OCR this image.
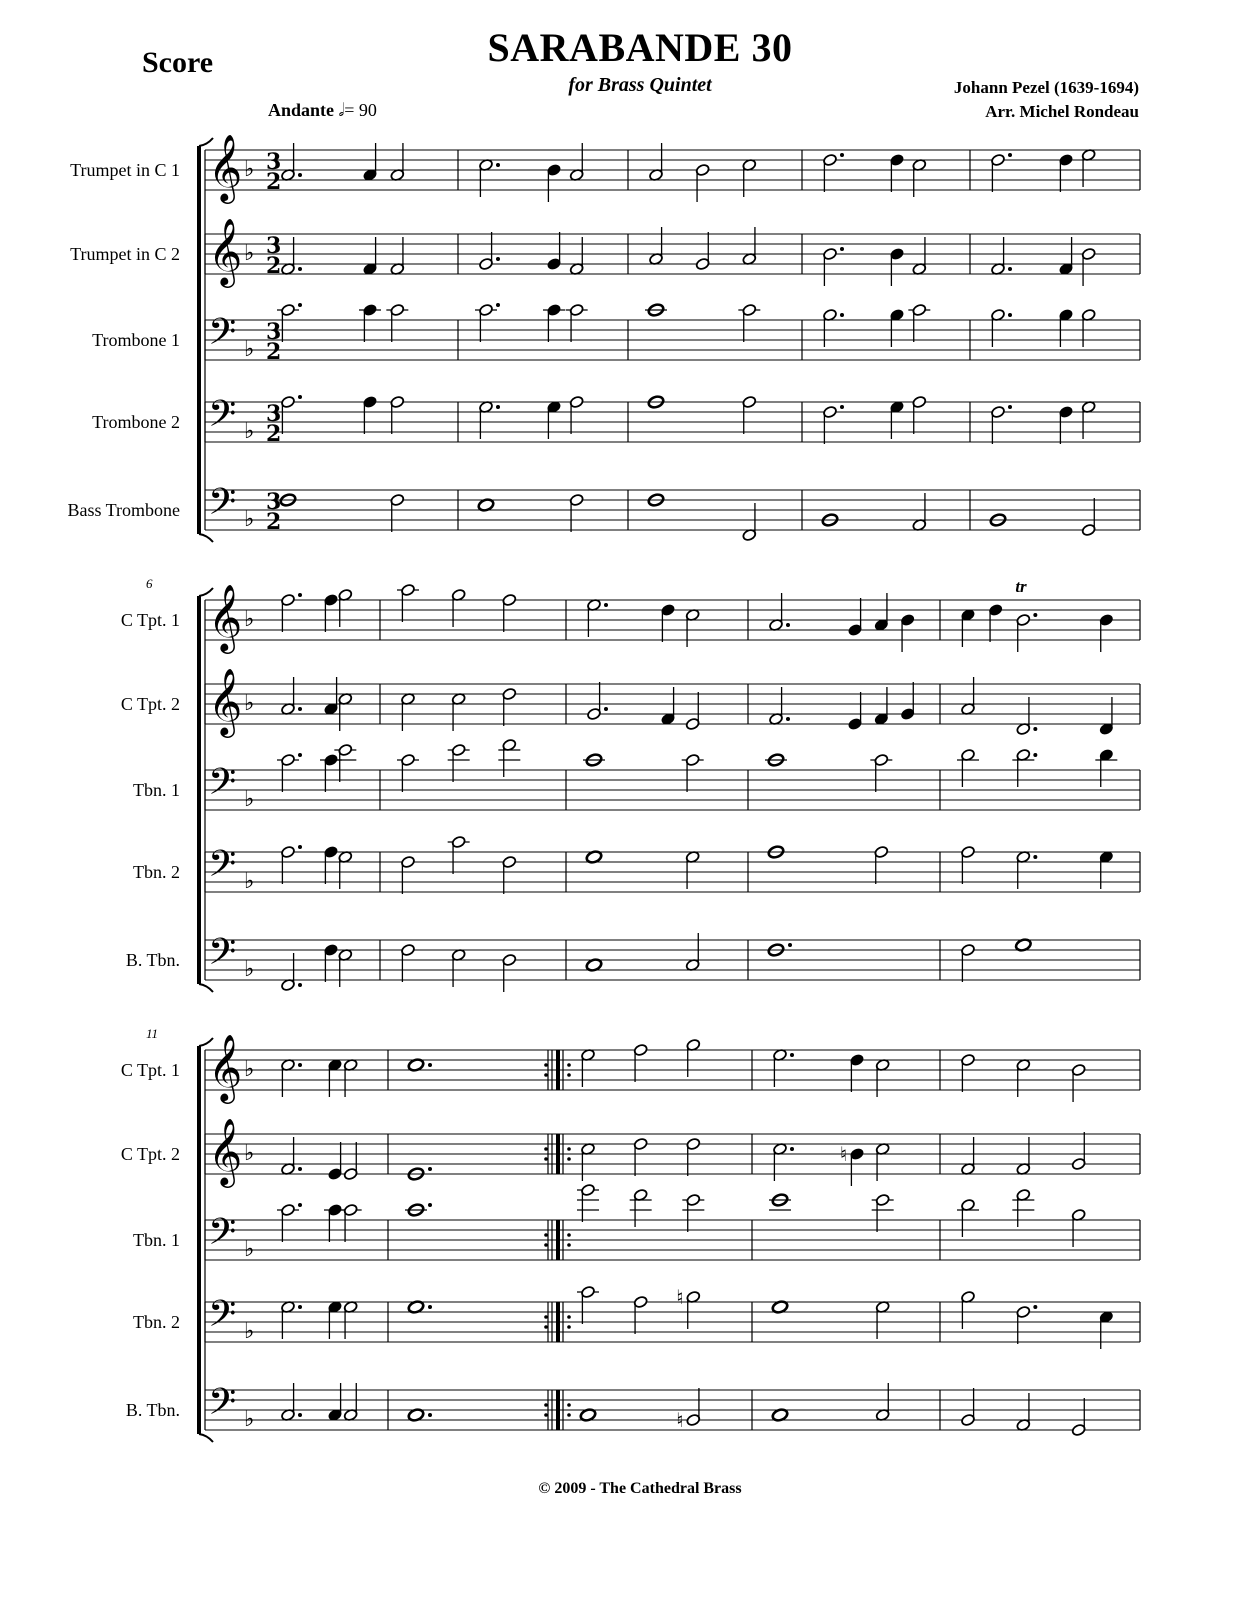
SARABANDE 30
for Brass Quintet
Score
Johann Pezel (1639-1694)
Arr. Michel Rondeau
Andante 𝅗𝅥= 90
Trumpet in C 1	♭ 3
2
Trumpet in C 2	♭ 3
2
Trombone 1	♭
3
2
Trombone 2	♭
3
2
Bass Trombone	♭
3
2
𝄞
𝄞
𝄢
𝄢
𝄢
6
C Tpt. 1	♭
C Tpt. 2	♭
Tbn. 1	♭
Tbn. 2	♭
B. Tbn.	♭
tr
𝄞
𝄞
𝄢
𝄢
𝄢
11
C Tpt. 1	♭
C Tpt. 2	♭
Tbn. 1	♭
Tbn. 2	♭
B. Tbn.	♭
♮
♮
♮
𝄞
𝄞
𝄢
𝄢
𝄢
© 2009 - The Cathedral Brass
